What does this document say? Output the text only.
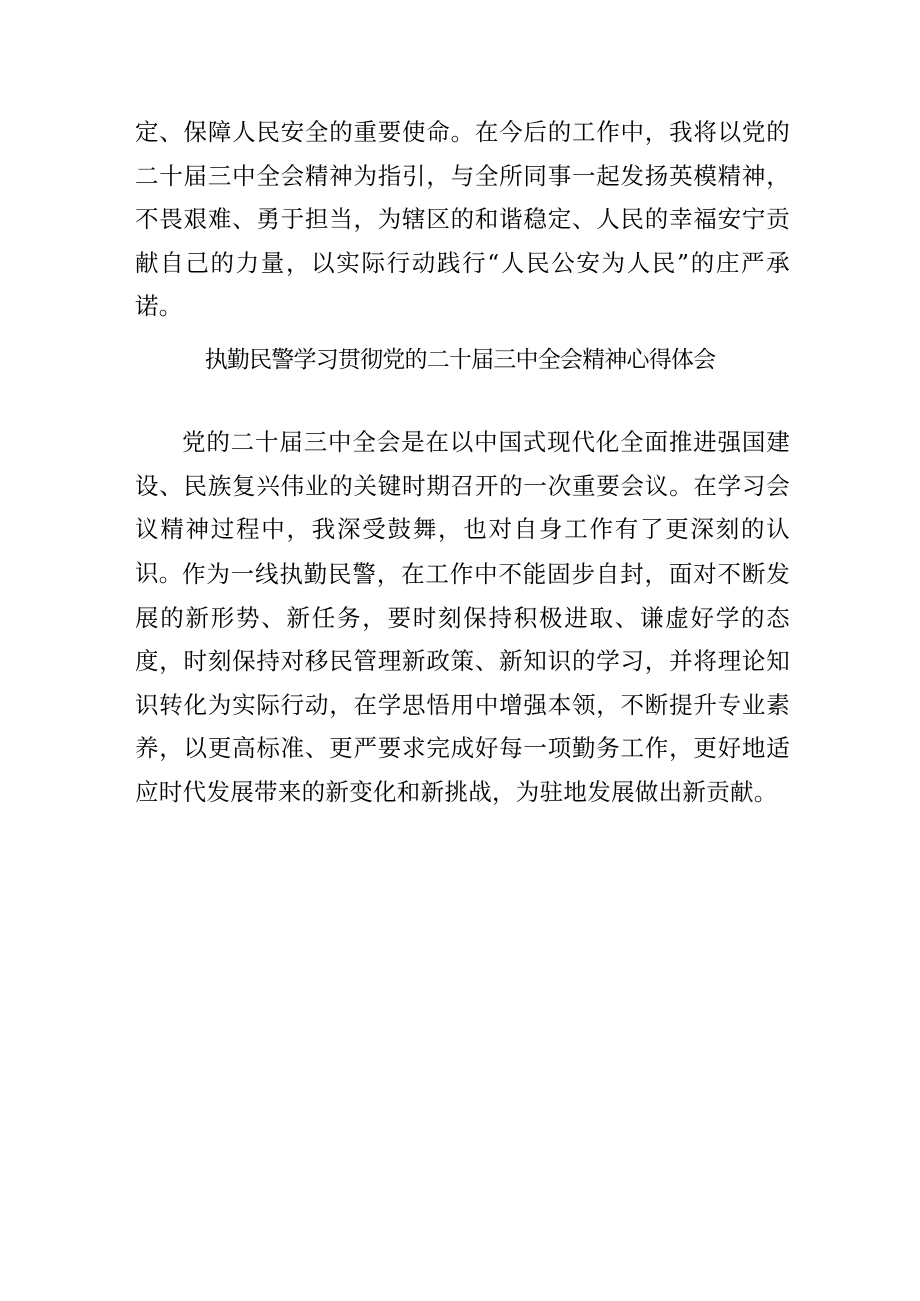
定、保障人民安全的重要使命。在今后的工作中，我将以党的二十届三中全会精神为指引，与全所同事一起发扬英模精神，不畏艰难、勇于担当，为辖区的和谐稳定、人民的幸福安宁贡献自己的力量，以实际行动践行“人民公安为人民”的庄严承诺。

执勤民警学习贯彻党的二十届三中全会精神心得体会

党的二十届三中全会是在以中国式现代化全面推进强国建设、民族复兴伟业的关键时期召开的一次重要会议。在学习会议精神过程中，我深受鼓舞，也对自身工作有了更深刻的认识。 作为一线执勤民警，在工作中不能固步自封，面对不断发展的新形势、新任务，要时刻保持积极进取、谦虚好学的态度，时刻保持对移民管理新政策、新知识的学习，并将理论知识转化为实际行动，在学思悟用中增强本领，不断提升专业素养，以更高标准、更严要求完成好每一项勤务工作，更好地适应时代发展带来的新变化和新挑战，为驻地发展做出新贡献。
